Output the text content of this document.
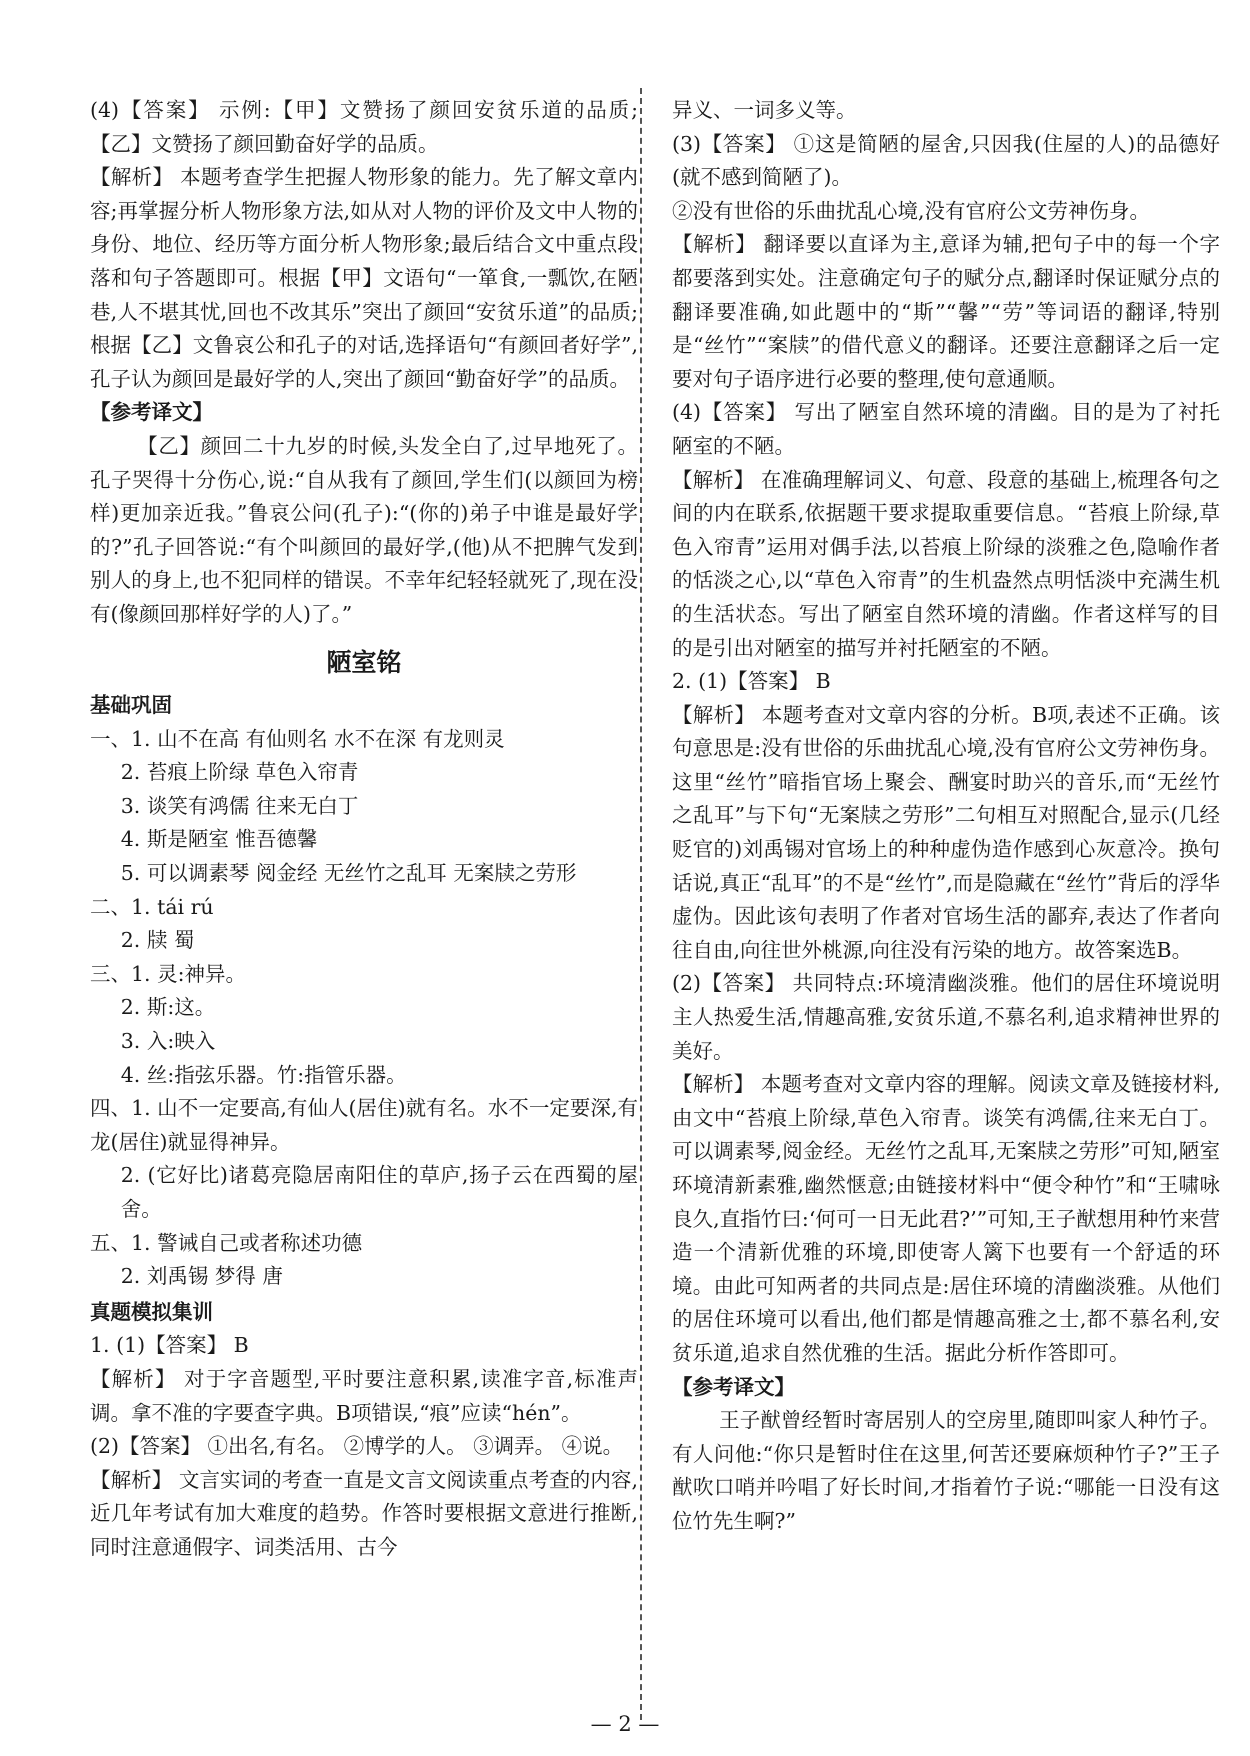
(4)【答案】 示例:【甲】文赞扬了颜回安贫乐道的品质;【乙】文赞扬了颜回勤奋好学的品质。

【解析】 本题考查学生把握人物形象的能力。先了解文章内容;再掌握分析人物形象方法,如从对人物的评价及文中人物的身份、地位、经历等方面分析人物形象;最后结合文中重点段落和句子答题即可。根据【甲】文语句“一箪食,一瓢饮,在陋巷,人不堪其忧,回也不改其乐”突出了颜回“安贫乐道”的品质;根据【乙】文鲁哀公和孔子的对话,选择语句“有颜回者好学”,孔子认为颜回是最好学的人,突出了颜回“勤奋好学”的品质。

【参考译文】

【乙】颜回二十九岁的时候,头发全白了,过早地死了。孔子哭得十分伤心,说:“自从我有了颜回,学生们(以颜回为榜样)更加亲近我。”鲁哀公问(孔子):“(你的)弟子中谁是最好学的?”孔子回答说:“有个叫颜回的最好学,(他)从不把脾气发到别人的身上,也不犯同样的错误。不幸年纪轻轻就死了,现在没有(像颜回那样好学的人)了。”

陋室铭

基础巩固

一、1. 山不在高 有仙则名 水不在深 有龙则灵

2. 苔痕上阶绿 草色入帘青

3. 谈笑有鸿儒 往来无白丁

4. 斯是陋室 惟吾德馨

5. 可以调素琴 阅金经 无丝竹之乱耳 无案牍之劳形

二、1. tái rú

2. 牍 蜀

三、1. 灵:神异。

2. 斯:这。

3. 入:映入

4. 丝:指弦乐器。竹:指管乐器。

四、1. 山不一定要高,有仙人(居住)就有名。水不一定要深,有龙(居住)就显得神异。

2. (它好比)诸葛亮隐居南阳住的草庐,扬子云在西蜀的屋舍。

五、1. 警诫自己或者称述功德

2. 刘禹锡 梦得 唐

真题模拟集训

1. (1)【答案】 B

【解析】 对于字音题型,平时要注意积累,读准字音,标准声调。拿不准的字要查字典。B项错误,“痕”应读“hén”。

(2)【答案】 ①出名,有名。 ②博学的人。 ③调弄。 ④说。

【解析】 文言实词的考查一直是文言文阅读重点考查的内容,近几年考试有加大难度的趋势。作答时要根据文意进行推断,同时注意通假字、词类活用、古今

异义、一词多义等。

(3)【答案】 ①这是简陋的屋舍,只因我(住屋的人)的品德好(就不感到简陋了)。

②没有世俗的乐曲扰乱心境,没有官府公文劳神伤身。

【解析】 翻译要以直译为主,意译为辅,把句子中的每一个字都要落到实处。注意确定句子的赋分点,翻译时保证赋分点的翻译要准确,如此题中的“斯”“馨”“劳”等词语的翻译,特别是“丝竹”“案牍”的借代意义的翻译。还要注意翻译之后一定要对句子语序进行必要的整理,使句意通顺。

(4)【答案】 写出了陋室自然环境的清幽。目的是为了衬托陋室的不陋。

【解析】 在准确理解词义、句意、段意的基础上,梳理各句之间的内在联系,依据题干要求提取重要信息。“苔痕上阶绿,草色入帘青”运用对偶手法,以苔痕上阶绿的淡雅之色,隐喻作者的恬淡之心,以“草色入帘青”的生机盎然点明恬淡中充满生机的生活状态。写出了陋室自然环境的清幽。作者这样写的目的是引出对陋室的描写并衬托陋室的不陋。

2. (1)【答案】 B

【解析】 本题考查对文章内容的分析。B项,表述不正确。该句意思是:没有世俗的乐曲扰乱心境,没有官府公文劳神伤身。这里“丝竹”暗指官场上聚会、酬宴时助兴的音乐,而“无丝竹之乱耳”与下句“无案牍之劳形”二句相互对照配合,显示(几经贬官的)刘禹锡对官场上的种种虚伪造作感到心灰意冷。换句话说,真正“乱耳”的不是“丝竹”,而是隐藏在“丝竹”背后的浮华虚伪。因此该句表明了作者对官场生活的鄙弃,表达了作者向往自由,向往世外桃源,向往没有污染的地方。故答案选B。

(2)【答案】 共同特点:环境清幽淡雅。他们的居住环境说明主人热爱生活,情趣高雅,安贫乐道,不慕名利,追求精神世界的美好。

【解析】 本题考查对文章内容的理解。阅读文章及链接材料,由文中“苔痕上阶绿,草色入帘青。谈笑有鸿儒,往来无白丁。可以调素琴,阅金经。无丝竹之乱耳,无案牍之劳形”可知,陋室环境清新素雅,幽然惬意;由链接材料中“便令种竹”和“王啸咏良久,直指竹曰:‘何可一日无此君?’”可知,王子猷想用种竹来营造一个清新优雅的环境,即使寄人篱下也要有一个舒适的环境。由此可知两者的共同点是:居住环境的清幽淡雅。从他们的居住环境可以看出,他们都是情趣高雅之士,都不慕名利,安贫乐道,追求自然优雅的生活。据此分析作答即可。

【参考译文】

王子猷曾经暂时寄居别人的空房里,随即叫家人种竹子。有人问他:“你只是暂时住在这里,何苦还要麻烦种竹子?”王子猷吹口哨并吟唱了好长时间,才指着竹子说:“哪能一日没有这位竹先生啊?”

— 2 —
